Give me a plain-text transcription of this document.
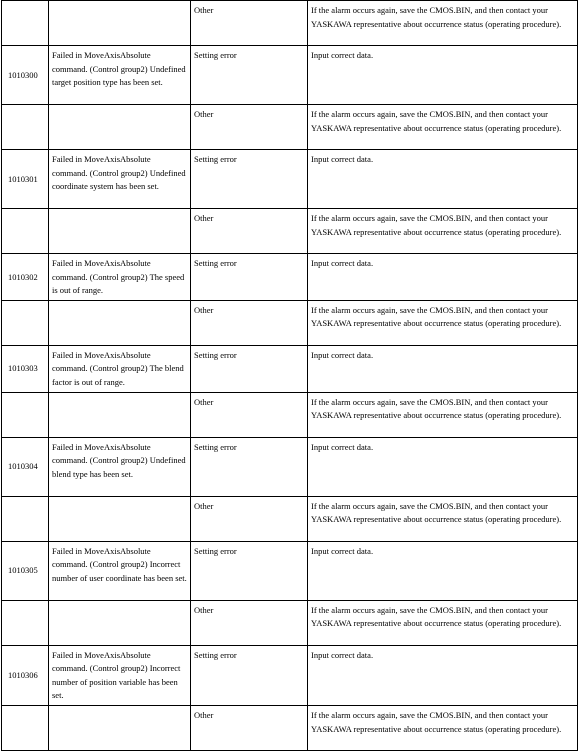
		Other	If the alarm occurs again, save the CMOS.BIN, and then contact your YASKAWA representative about occurrence status (operating procedure).
1010300	Failed in MoveAxisAbsolute command. (Control group2) Undefined target position type has been set.	Setting error	Input correct data.
		Other	If the alarm occurs again, save the CMOS.BIN, and then contact your YASKAWA representative about occurrence status (operating procedure).
1010301	Failed in MoveAxisAbsolute command. (Control group2) Undefined coordinate system has been set.	Setting error	Input correct data.
		Other	If the alarm occurs again, save the CMOS.BIN, and then contact your YASKAWA representative about occurrence status (operating procedure).
1010302	Failed in MoveAxisAbsolute command. (Control group2) The speed is out of range.	Setting error	Input correct data.
		Other	If the alarm occurs again, save the CMOS.BIN, and then contact your YASKAWA representative about occurrence status (operating procedure).
1010303	Failed in MoveAxisAbsolute command. (Control group2) The blend factor is out of range.	Setting error	Input correct data.
		Other	If the alarm occurs again, save the CMOS.BIN, and then contact your YASKAWA representative about occurrence status (operating procedure).
1010304	Failed in MoveAxisAbsolute command. (Control group2) Undefined blend type has been set.	Setting error	Input correct data.
		Other	If the alarm occurs again, save the CMOS.BIN, and then contact your YASKAWA representative about occurrence status (operating procedure).
1010305	Failed in MoveAxisAbsolute command. (Control group2) Incorrect number of user coordinate has been set.	Setting error	Input correct data.
		Other	If the alarm occurs again, save the CMOS.BIN, and then contact your YASKAWA representative about occurrence status (operating procedure).
1010306	Failed in MoveAxisAbsolute command. (Control group2) Incorrect number of position variable has been set.	Setting error	Input correct data.
		Other	If the alarm occurs again, save the CMOS.BIN, and then contact your YASKAWA representative about occurrence status (operating procedure).
